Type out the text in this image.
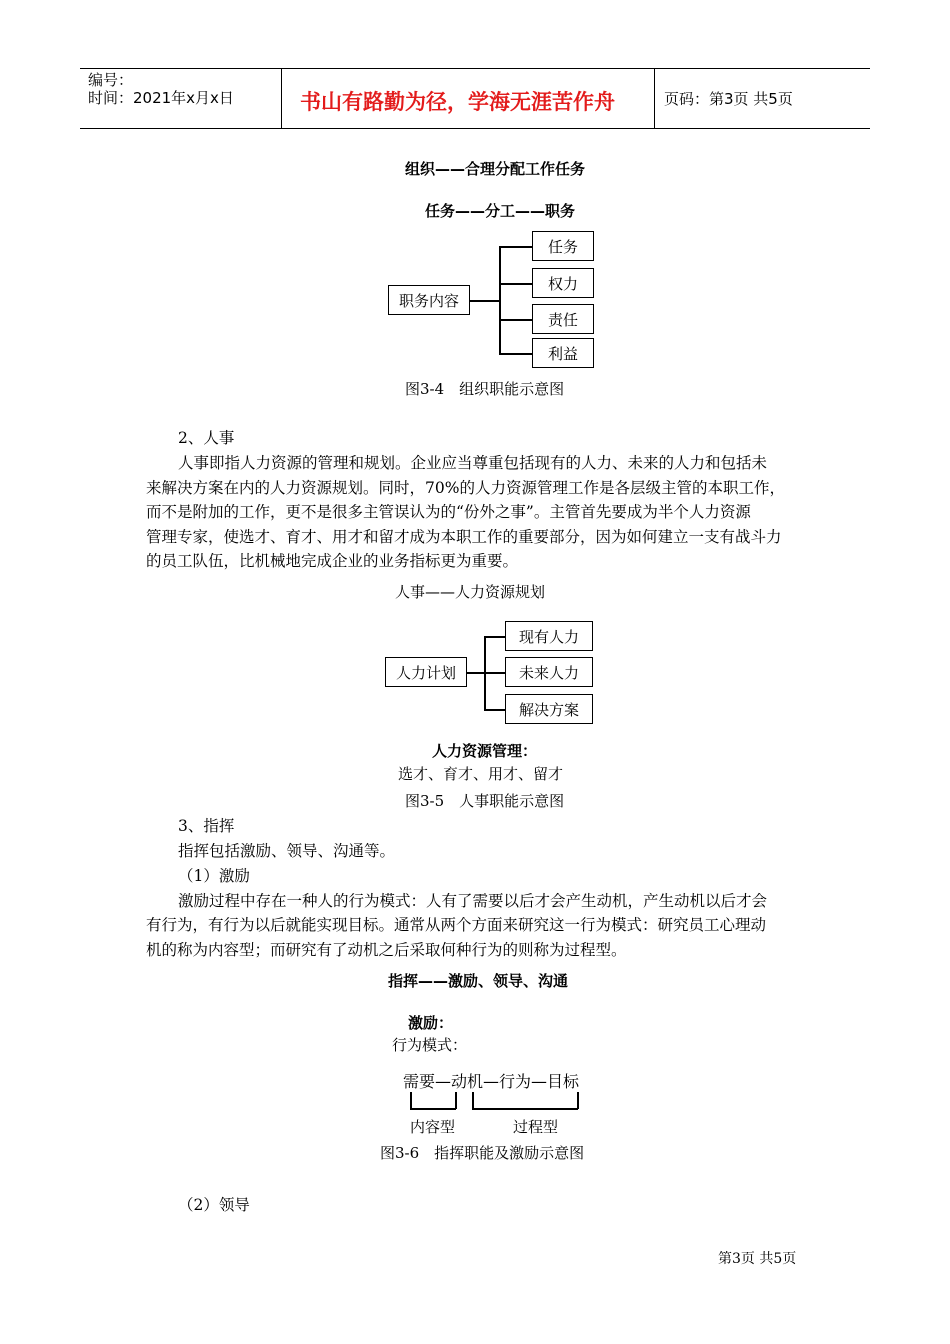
编号：
时间：2021年x月x日	书山有路勤为径，学海无涯苦作舟	页码：第3页 共5页
组织——合理分配工作任务
任务——分工——职务
职务内容
任务
权力
责任
利益
图3-4　组织职能示意图
2、人事
人事即指人力资源的管理和规划。企业应当尊重包括现有的人力、未来的人力和包括未
来解决方案在内的人力资源规划。同时，70%的人力资源管理工作是各层级主管的本职工作，
而不是附加的工作，更不是很多主管误认为的“份外之事”。主管首先要成为半个人力资源
管理专家，使选才、育才、用才和留才成为本职工作的重要部分，因为如何建立一支有战斗力
的员工队伍，比机械地完成企业的业务指标更为重要。
人事——人力资源规划
人力计划
现有人力
未来人力
解决方案
人力资源管理：
选才、育才、用才、留才
图3-5　人事职能示意图
3、指挥
指挥包括激励、领导、沟通等。
（1）激励
激励过程中存在一种人的行为模式：人有了需要以后才会产生动机，产生动机以后才会
有行为，有行为以后就能实现目标。通常从两个方面来研究这一行为模式：研究员工心理动
机的称为内容型；而研究有了动机之后采取何种行为的则称为过程型。
指挥——激励、领导、沟通
激励：
行为模式：
需要—动机—行为—目标
内容型	过程型
图3-6　指挥职能及激励示意图
（2）领导
第3页 共5页
